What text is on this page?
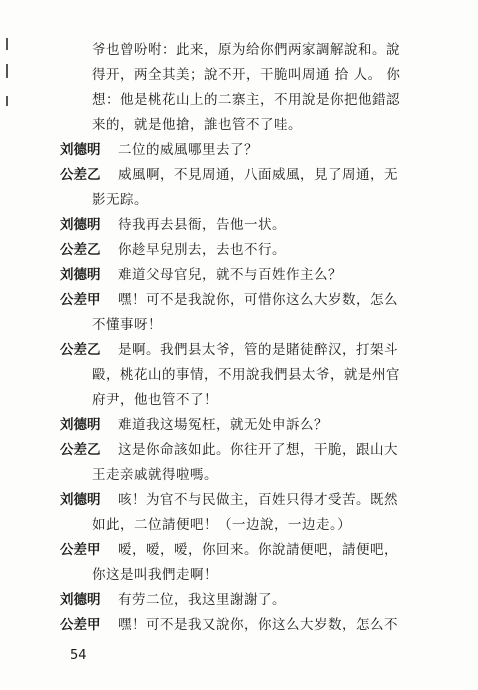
爷也曾吩咐：此来，原为给你們两家調解說和。說
得开，两全其美；說不开，干脆叫周通 拾 人。 你
想：他是桃花山上的二寨主，不用說是你把他錯認
来的，就是他搶，誰也管不了哇。
刘德明 二位的威風哪里去了？
公差乙 威風啊，不見周通，八面威風，見了周通，无
影无踪。
刘德明 待我再去县衙，告他一状。
公差乙 你趁早兒別去，去也不行。
刘德明 难道父母官兒，就不与百姓作主么？
公差甲 嘿！可不是我說你，可惜你这么大岁数，怎么
不懂事呀！
公差乙 是啊。我們县太爷，管的是賭徒醉汉，打架斗
毆，桃花山的事情，不用說我們县太爷，就是州官
府尹，他也管不了！
刘德明 难道我这場冤枉，就无处申訴么？
公差乙 这是你命該如此。你往开了想，干脆，跟山大
王走亲戚就得啦嗎。
刘德明 咳！为官不与民做主，百姓只得才受苦。既然
如此，二位請便吧！（一边說，一边走。）
公差甲 嗳，嗳，嗳，你回来。你說請便吧，請便吧，
你这是叫我們走啊！
刘德明 有劳二位，我这里謝謝了。
公差甲 嘿！可不是我又說你，你这么大岁数，怎么不
54
